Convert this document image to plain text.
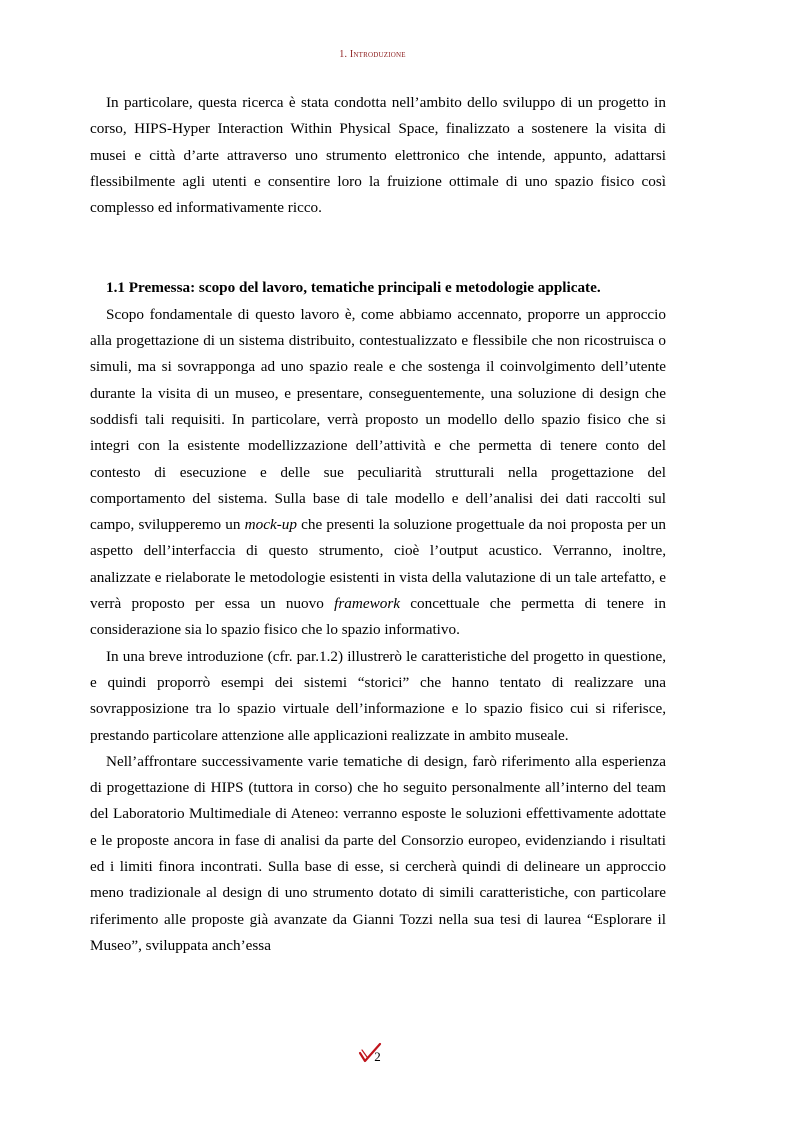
1. Introduzione

In particolare, questa ricerca è stata condotta nell’ambito dello sviluppo di un progetto in corso, HIPS-Hyper Interaction Within Physical Space, finalizzato a sostenere la visita di musei e città d’arte attraverso uno strumento elettronico che intende, appunto, adattarsi flessibilmente agli utenti e consentire loro la fruizione ottimale di uno spazio fisico così complesso ed informativamente ricco.

1.1 Premessa: scopo del lavoro, tematiche principali e metodologie applicate.

Scopo fondamentale di questo lavoro è, come abbiamo accennato, proporre un approccio alla progettazione di un sistema distribuito, contestualizzato e flessibile che non ricostruisca o simuli, ma si sovrapponga ad uno spazio reale e che sostenga il coinvolgimento dell’utente durante la visita di un museo, e presentare, conseguentemente, una soluzione di design che soddisfi tali requisiti. In particolare, verrà proposto un modello dello spazio fisico che si integri con la esistente modellizzazione dell’attività e che permetta di tenere conto del contesto di esecuzione e delle sue peculiarità strutturali nella progettazione del comportamento del sistema. Sulla base di tale modello e dell’analisi dei dati raccolti sul campo, svilupperemo un mock-up che presenti la soluzione progettuale da noi proposta per un aspetto dell’interfaccia di questo strumento, cioè l’output acustico. Verranno, inoltre, analizzate e rielaborate le metodologie esistenti in vista della valutazione di un tale artefatto, e verrà proposto per essa un nuovo framework concettuale che permetta di tenere in considerazione sia lo spazio fisico che lo spazio informativo.

In una breve introduzione (cfr. par.1.2) illustrerò le caratteristiche del progetto in questione, e quindi proporrò esempi dei sistemi “storici” che hanno tentato di realizzare una sovrapposizione tra lo spazio virtuale dell’informazione e lo spazio fisico cui si riferisce, prestando particolare attenzione alle applicazioni realizzate in ambito museale.

Nell’affrontare successivamente varie tematiche di design, farò riferimento alla esperienza di progettazione di HIPS (tuttora in corso) che ho seguito personalmente all’interno del team del Laboratorio Multimediale di Ateneo: verranno esposte le soluzioni effettivamente adottate e le proposte ancora in fase di analisi da parte del Consorzio europeo, evidenziando i risultati ed i limiti finora incontrati. Sulla base di esse, si cercherà quindi di delineare un approccio meno tradizionale al design di uno strumento dotato di simili caratteristiche, con particolare riferimento alle proposte già avanzate da Gianni Tozzi nella sua tesi di laurea “Esplorare il Museo”, sviluppata anch’essa

2
